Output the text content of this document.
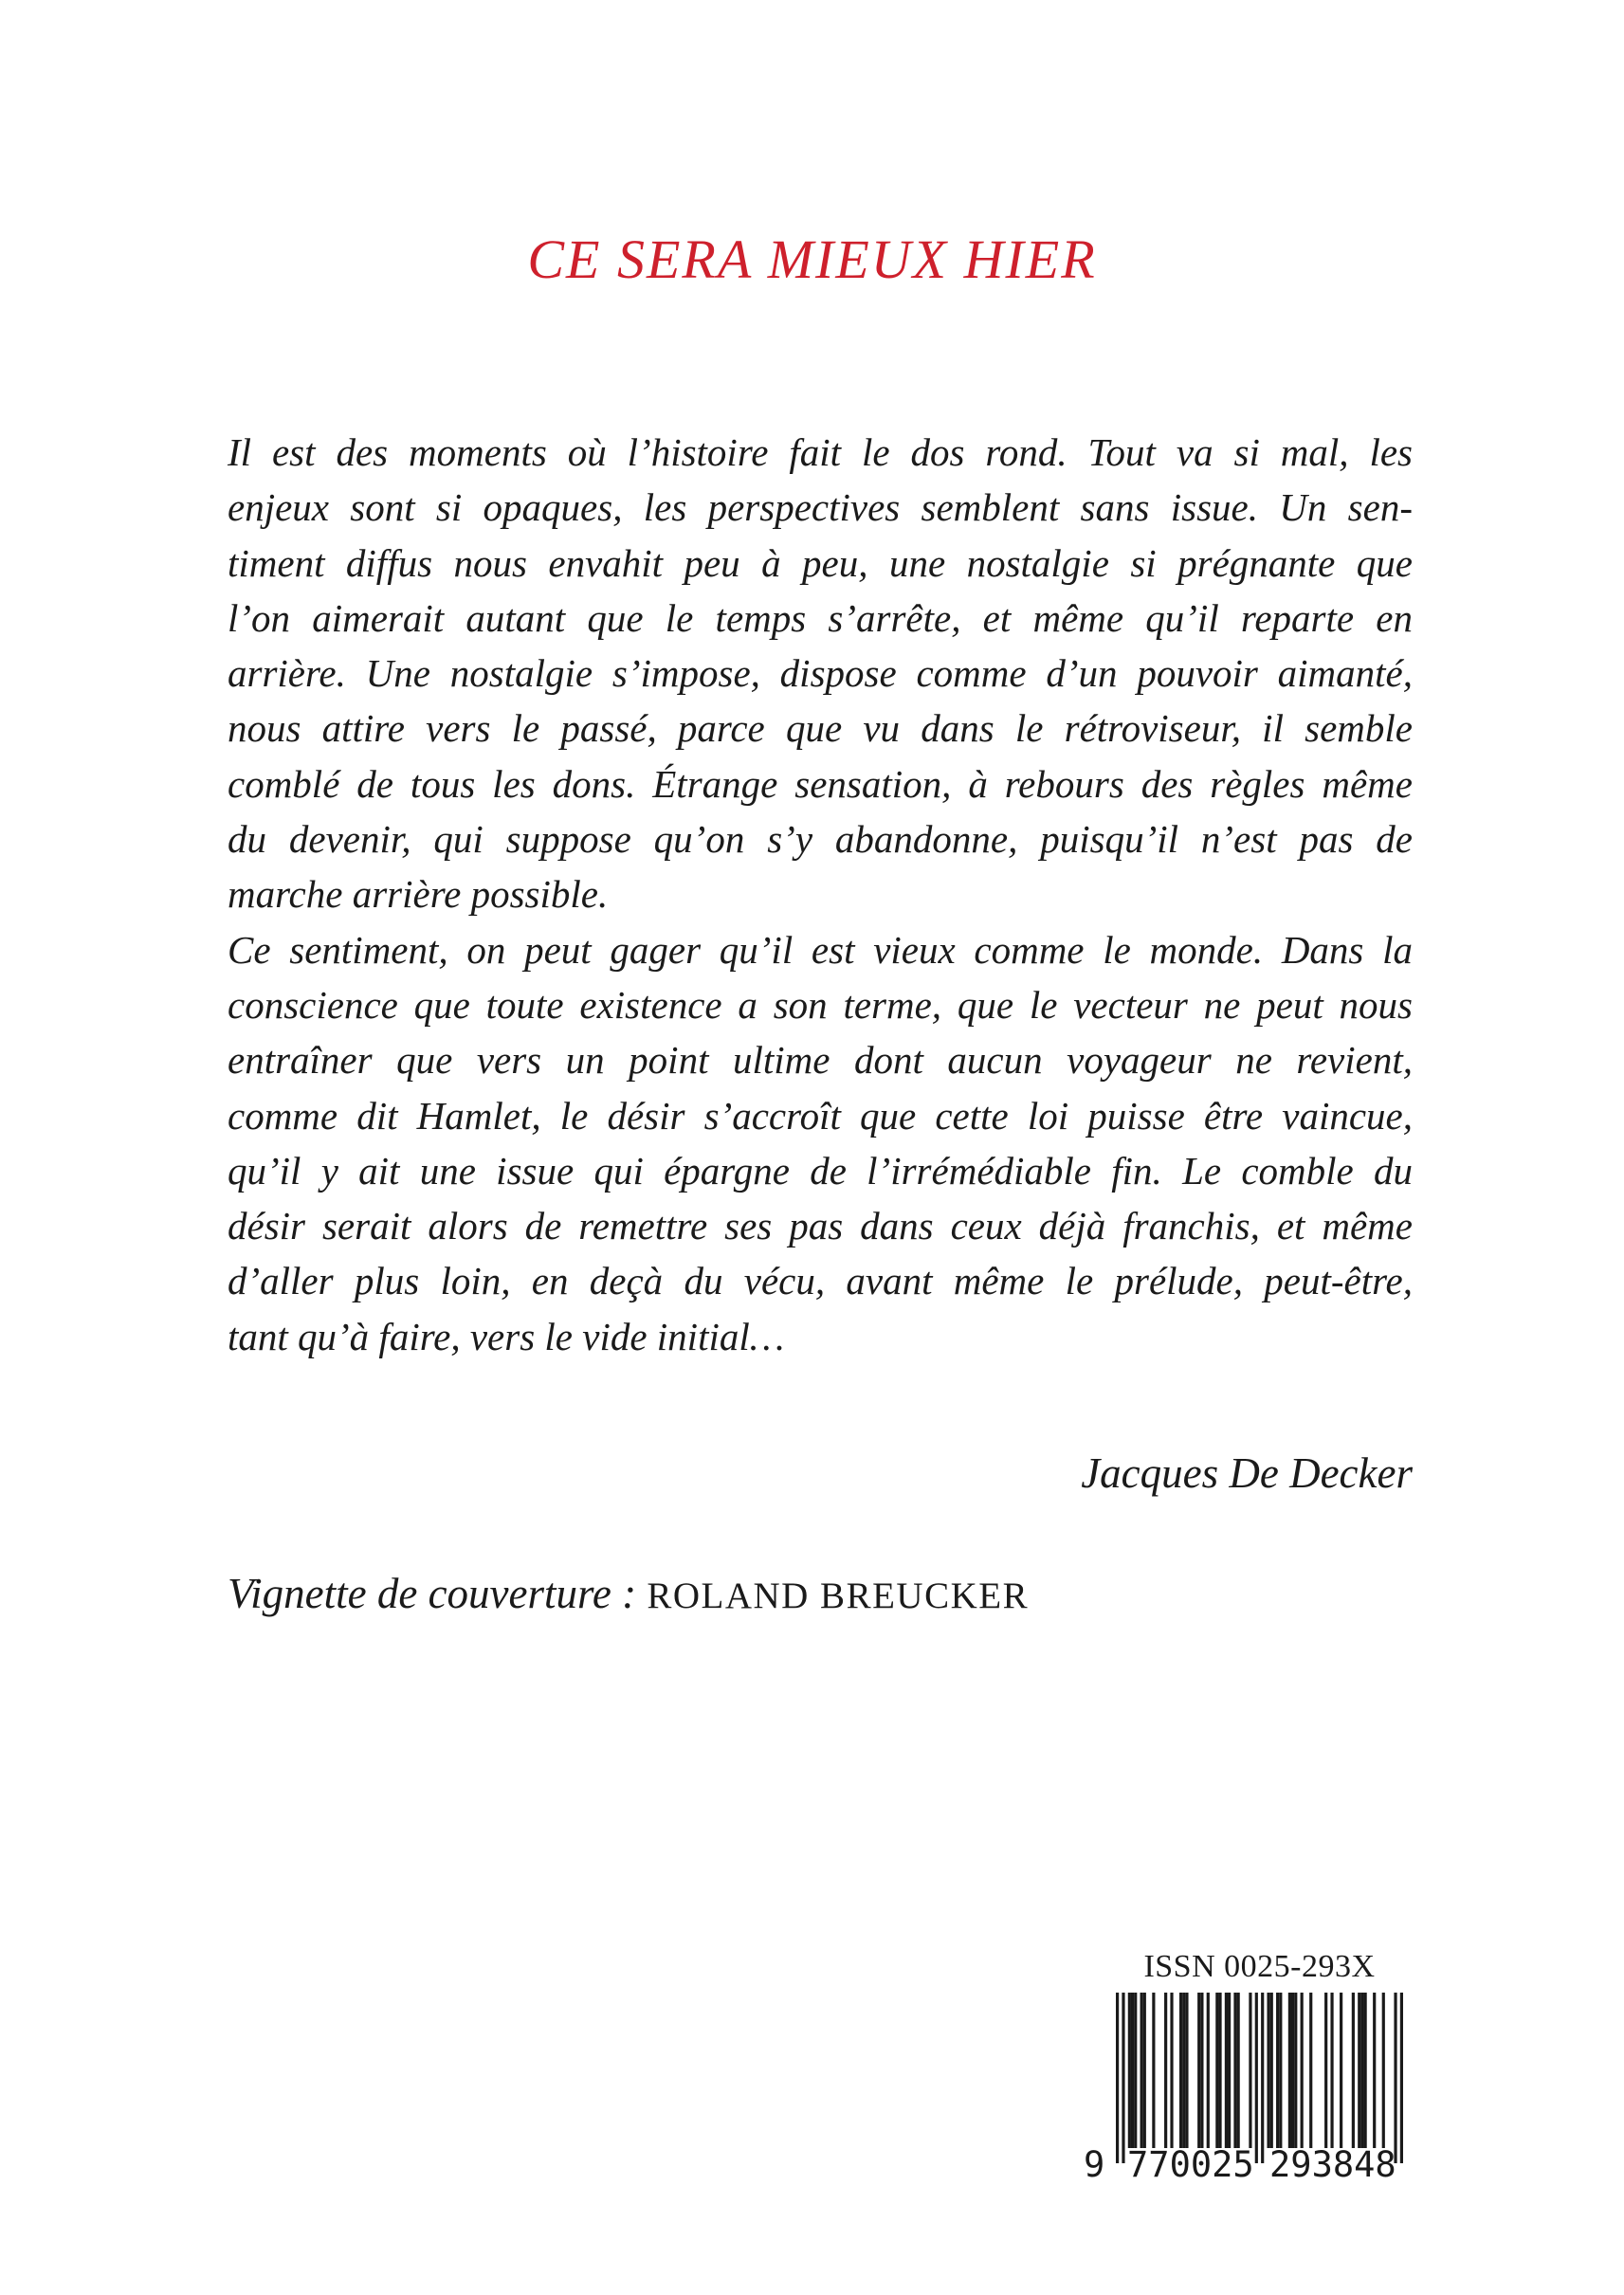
CE SERA MIEUX HIER
Il est des moments où l’histoire fait le dos rond. Tout va si mal, les
enjeux sont si opaques, les perspectives semblent sans issue. Un sen-
timent diffus nous envahit peu à peu, une nostalgie si prégnante que
l’on aimerait autant que le temps s’arrête, et même qu’il reparte en
arrière. Une nostalgie s’impose, dispose comme d’un pouvoir aimanté,
nous attire vers le passé, parce que vu dans le rétroviseur, il semble
comblé de tous les dons. Étrange sensation, à rebours des règles même
du devenir, qui suppose qu’on s’y abandonne, puisqu’il n’est pas de
marche arrière possible.
Ce sentiment, on peut gager qu’il est vieux comme le monde. Dans la
conscience que toute existence a son terme, que le vecteur ne peut nous
entraîner que vers un point ultime dont aucun voyageur ne revient,
comme dit Hamlet, le désir s’accroît que cette loi puisse être vaincue,
qu’il y ait une issue qui épargne de l’irrémédiable fin. Le comble du
désir serait alors de remettre ses pas dans ceux déjà franchis, et même
d’aller plus loin, en deçà du vécu, avant même le prélude, peut-être,
tant qu’à faire, vers le vide initial…
Jacques De Decker
Vignette de couverture : ROLAND BREUCKER
ISSN 0025-293X
9 7 7 0 0 2 5 2 9 3 8 4 8
